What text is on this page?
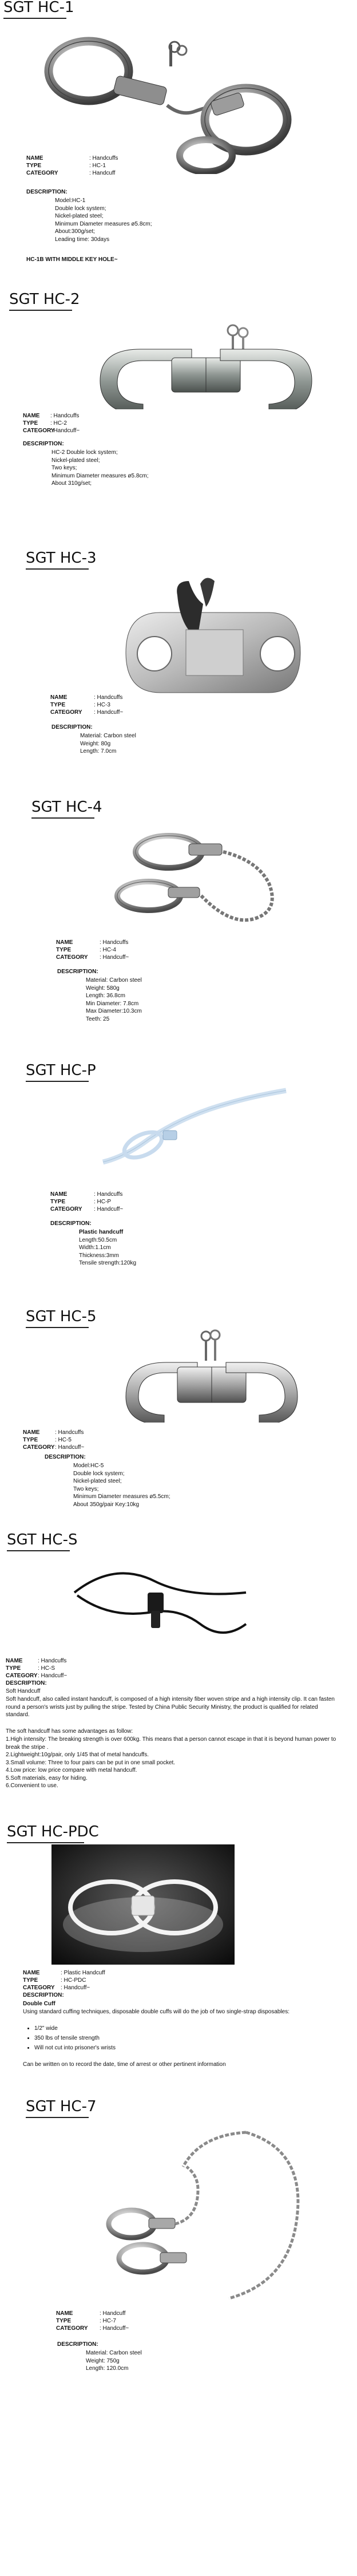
SGT HC-1
NAME	: Handcuffs
TYPE	: HC-1
CATEGORY	: Handcuff
DESCRIPTION:
Model:HC-1
Double lock system;
Nickel-plated steel;
Minimum Diameter measures ø5.8cm;
About:300g/set;
Leading time: 30days
HC-1B WITH MIDDLE KEY HOLE~
SGT HC-2
NAME	: Handcuffs
TYPE	: HC-2
CATEGORY
: Handcuff~
DESCRIPTION:
HC-2 Double lock system;
Nickel-plated steel;
Two keys;
Minimum Diameter measures ø5.8cm;
About 310g/set;
SGT HC-3
NAME	: Handcuffs
TYPE	: HC-3
CATEGORY	: Handcuff~
DESCRIPTION:
Material: Carbon steel
Weight: 80g
Length: 7.0cm
SGT HC-4
NAME	: Handcuffs
TYPE	: HC-4
CATEGORY	: Handcuff~
DESCRIPTION:
Material: Carbon steel
Weight: 580g
Length: 36.8cm
Min Diameter: 7.8cm
Max Diameter:10.3cm
Teeth: 25
SGT HC-P
NAME	: Handcuffs
TYPE	: HC-P
CATEGORY	: Handcuff~
DESCRIPTION:
Plastic handcuff
Length:50.5cm
Width:1.1cm
Thickness:3mm
Tensile strength:120kg
SGT HC-5
NAME	: Handcuffs
TYPE	: HC-5
CATEGORY : Handcuff~
DESCRIPTION:
Model:HC-5
Double lock system;
Nickel-plated steel;
Two keys;
Minimum Diameter measures ø5.5cm;
About 350g/pair Key:10kg
SGT HC-S
NAME	: Handcuffs
TYPE	: HC-S
CATEGORY : Handcuff~
DESCRIPTION:
Soft Handcuff
Soft handcuff, also called instant handcuff, is composed of a high intensity fiber woven stripe and a high intensity clip. It can fasten round a person's wrists just by pulling the stripe. Tested by China Public Security Ministry, the product is qualified for related standard.
The soft handcuff has some advantages as follow:
1.High intensity: The breaking strength is over 600kg. This means that a person cannot escape in that it is beyond human power to break the stripe .
2.Lightweight:10g/pair, only 1/45 that of metal handcuffs.
3.Small volume: Three to four pairs can be put in one small pocket.
4.Low price: low price compare with metal handcuff.
5.Soft materials, easy for hiding.
6.Convenient to use.
SGT HC-PDC
NAME	: Plastic Handcuff
TYPE	: HC-PDC
CATEGORY	: Handcuff~
DESCRIPTION:
Double Cuff
Using standard cuffing techniques, disposable double cuffs will do the job of two single-strap disposables:
• 1/2" wide
• 350 lbs of tensile strength
• Will not cut into prisoner's wrists
Can be written on to record the date, time of arrest or other pertinent information
SGT HC-7
NAME	: Handcuff
TYPE	: HC-7
CATEGORY	: Handcuff~
DESCRIPTION:
Material: Carbon steel
Weight: 750g
Length: 120.0cm
